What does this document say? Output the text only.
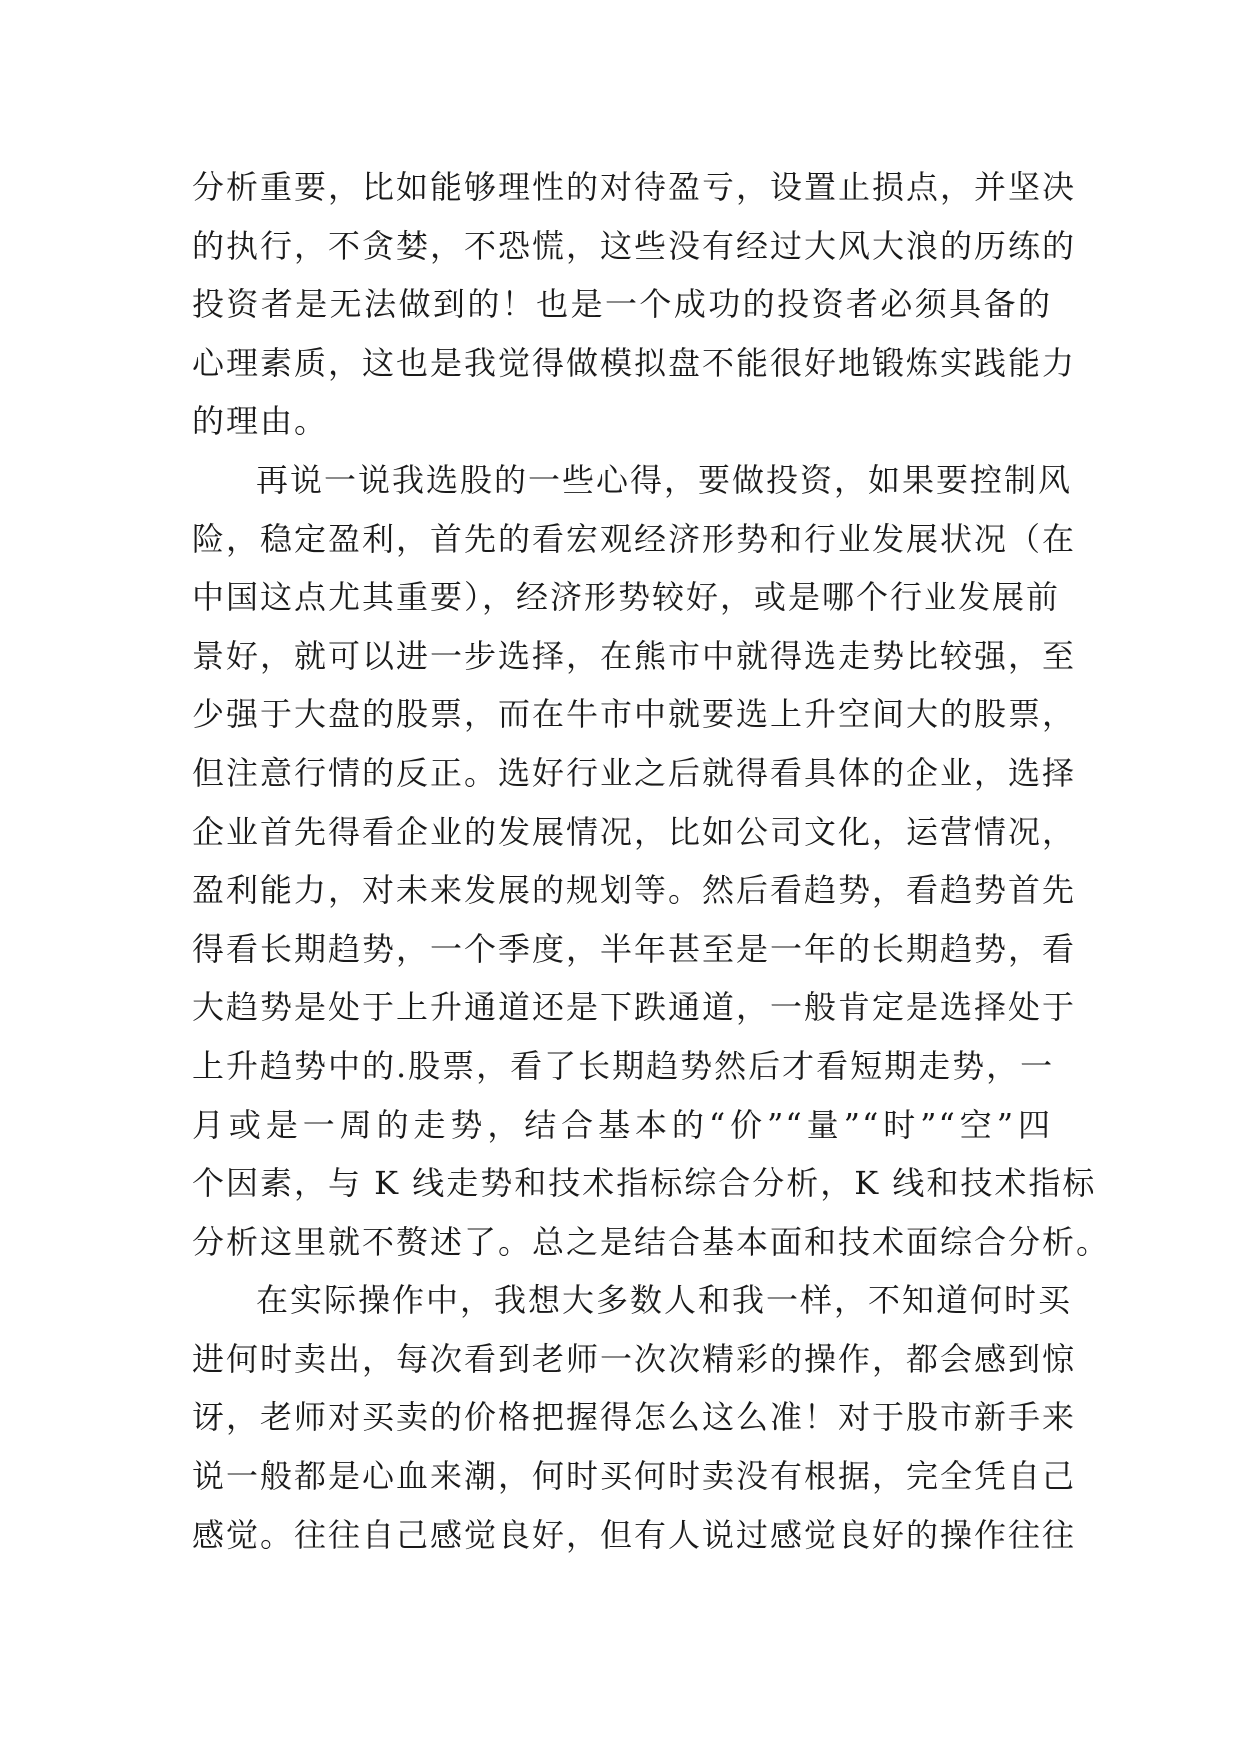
分析重要，比如能够理性的对待盈亏，设置止损点，并坚决
的执行，不贪婪，不恐慌，这些没有经过大风大浪的历练的
投资者是无法做到的！也是一个成功的投资者必须具备的
心理素质，这也是我觉得做模拟盘不能很好地锻炼实践能力
的理由。
再说一说我选股的一些心得，要做投资，如果要控制风
险，稳定盈利，首先的看宏观经济形势和行业发展状况（在
中国这点尤其重要），经济形势较好，或是哪个行业发展前
景好，就可以进一步选择，在熊市中就得选走势比较强，至
少强于大盘的股票，而在牛市中就要选上升空间大的股票，
但注意行情的反正。选好行业之后就得看具体的企业，选择
企业首先得看企业的发展情况，比如公司文化，运营情况，
盈利能力，对未来发展的规划等。然后看趋势，看趋势首先
得看长期趋势，一个季度，半年甚至是一年的长期趋势，看
大趋势是处于上升通道还是下跌通道，一般肯定是选择处于
上升趋势中的.股票，看了长期趋势然后才看短期走势，一
月或是一周的走势，结合基本的“价”“量”“时”“空”四
个因素，与 K 线走势和技术指标综合分析，K 线和技术指标
分析这里就不赘述了。总之是结合基本面和技术面综合分析。
在实际操作中，我想大多数人和我一样，不知道何时买
进何时卖出，每次看到老师一次次精彩的操作，都会感到惊
讶，老师对买卖的价格把握得怎么这么准！对于股市新手来
说一般都是心血来潮，何时买何时卖没有根据，完全凭自己
感觉。往往自己感觉良好，但有人说过感觉良好的操作往往
